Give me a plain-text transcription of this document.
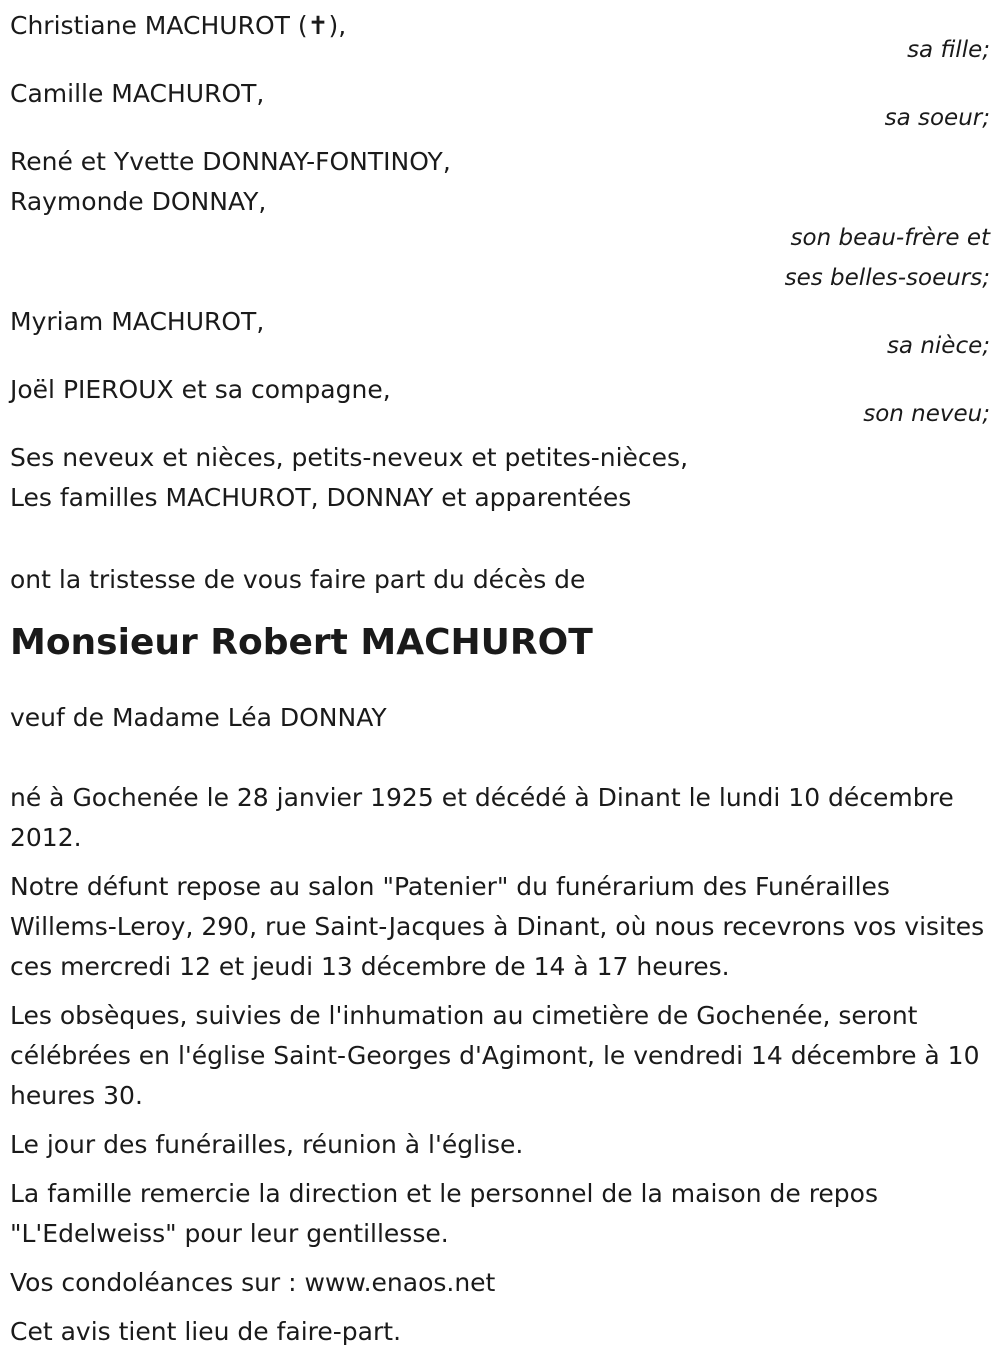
Christiane MACHUROT (✝),
sa fille;
Camille MACHUROT,
sa soeur;
René et Yvette DONNAY-FONTINOY,
Raymonde DONNAY,
son beau-frère et
ses belles-soeurs;
Myriam MACHUROT,
sa nièce;
Joël PIEROUX et sa compagne,
son neveu;
Ses neveux et nièces, petits-neveux et petites-nièces,
Les familles MACHUROT, DONNAY et apparentées
ont la tristesse de vous faire part du décès de
Monsieur Robert MACHUROT
veuf de Madame Léa DONNAY
né à Gochenée le 28 janvier 1925 et décédé à Dinant le lundi 10 décembre 2012.
Notre défunt repose au salon "Patenier" du funérarium des Funérailles Willems-Leroy, 290, rue Saint-Jacques à Dinant, où nous recevrons vos visites ces mercredi 12 et jeudi 13 décembre de 14 à 17 heures.
Les obsèques, suivies de l'inhumation au cimetière de Gochenée, seront célébrées en l'église Saint-Georges d'Agimont, le vendredi 14 décembre à 10 heures 30.
Le jour des funérailles, réunion à l'église.
La famille remercie la direction et le personnel de la maison de repos "L'Edelweiss" pour leur gentillesse.
Vos condoléances sur : www.enaos.net
Cet avis tient lieu de faire-part.
